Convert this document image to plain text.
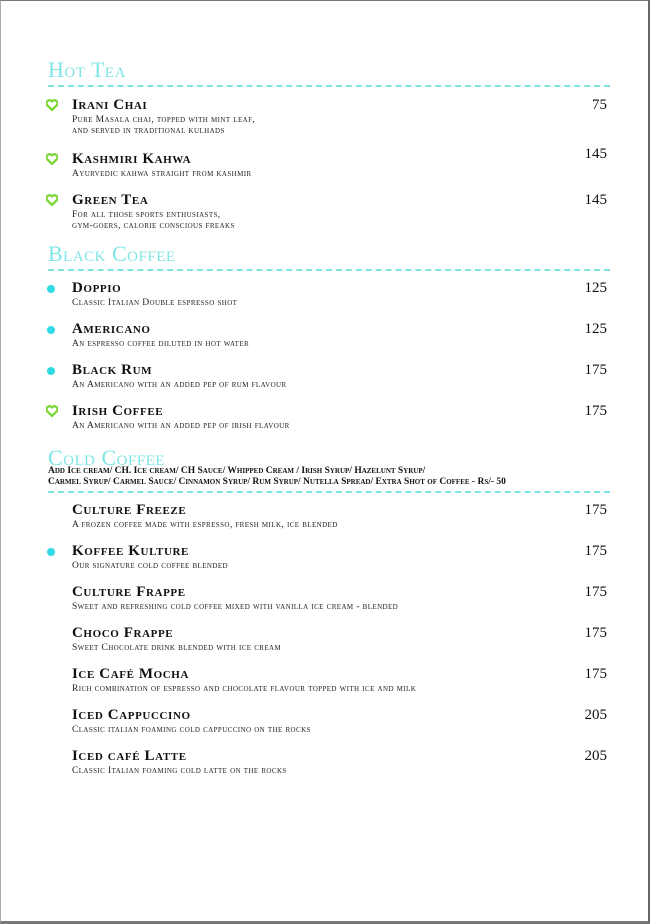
Hot Tea
Irani Chai
Pure Masala chai, topped with mint leaf,
and served in traditional kulhads
75
Kashmiri Kahwa
Ayurvedic kahwa straight from kashmir
145
Green Tea
For all those sports enthusiasts,
gym-goers, calorie conscious freaks
145
Black Coffee
Doppio
Classic Italian Double espresso shot
125
Americano
An espresso coffee diluted in hot water
125
Black Rum
An Americano with an added pep of rum flavour
175
Irish Coffee
An Americano with an added pep of irish flavour
175
Cold Coffee
Add Ice cream/ CH. Ice cream/ CH Sauce/ Whipped Cream / Irish Syrup/ Hazelunt Syrup/
Carmel Syrup/ Carmel Sauce/ Cinnamon Syrup/ Rum Syrup/ Nutella Spread/ Extra Shot of Coffee - Rs/- 50
Culture Freeze
A frozen coffee made with espresso, fresh milk, ice blended
175
Koffee Kulture
Our signature cold coffee blended
175
Culture Frappe
Sweet and refreshing cold coffee mixed with vanilla ice cream - blended
175
Choco Frappe
Sweet Chocolate drink blended with ice cream
175
Ice Café Mocha
Rich combination of espresso and chocolate flavour topped with ice and milk
175
Iced Cappuccino
Classic italian foaming cold cappuccino on the rocks
205
Iced café Latte
Classic Italian foaming cold latte on the rocks
205
